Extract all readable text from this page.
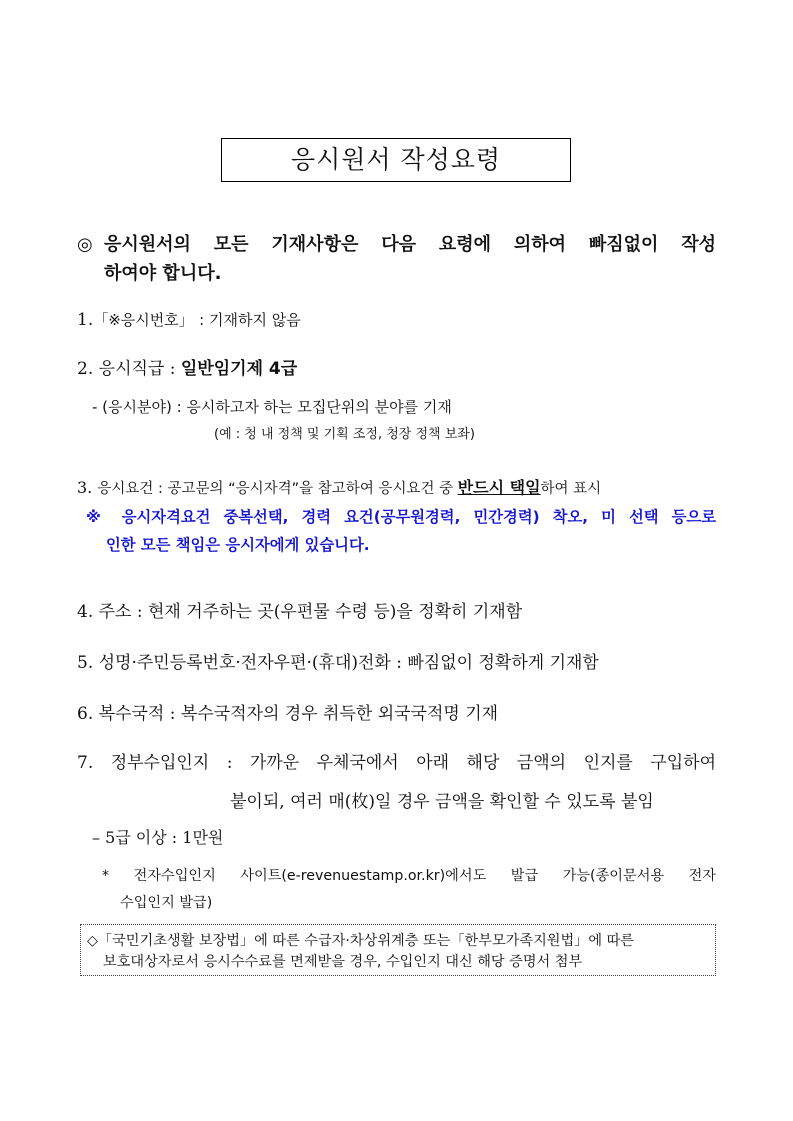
응시원서 작성요령
◎ 응시원서의 모든 기재사항은 다음 요령에 의하여 빠짐없이 작성
하여야 합니다.
1.「※응시번호」 : 기재하지 않음
2. 응시직급 : 일반임기제 4급
- (응시분야) : 응시하고자 하는 모집단위의 분야를 기재
(예 : 청 내 정책 및 기획 조정, 청장 정책 보좌)
3. 응시요건 : 공고문의 “응시자격”을 참고하여 응시요건 중 반드시 택일하여 표시
※ 응시자격요건 중복선택, 경력 요건(공무원경력, 민간경력) 착오, 미 선택 등으로
인한 모든 책임은 응시자에게 있습니다.
4. 주소 : 현재 거주하는 곳(우편물 수령 등)을 정확히 기재함
5. 성명·주민등록번호·전자우편·(휴대)전화 : 빠짐없이 정확하게 기재함
6. 복수국적 : 복수국적자의 경우 취득한 외국국적명 기재
7. 정부수입인지 : 가까운 우체국에서 아래 해당 금액의 인지를 구입하여
붙이되, 여러 매(枚)일 경우 금액을 확인할 수 있도록 붙임
– 5급 이상 : 1만원
* 전자수입인지 사이트(e-revenuestamp.or.kr)에서도 발급 가능(종이문서용 전자
수입인지 발급)
◇「국민기초생활 보장법」에 따른 수급자·차상위계층 또는「한부모가족지원법」에 따른
보호대상자로서 응시수수료를 면제받을 경우, 수입인지 대신 해당 증명서 첨부
